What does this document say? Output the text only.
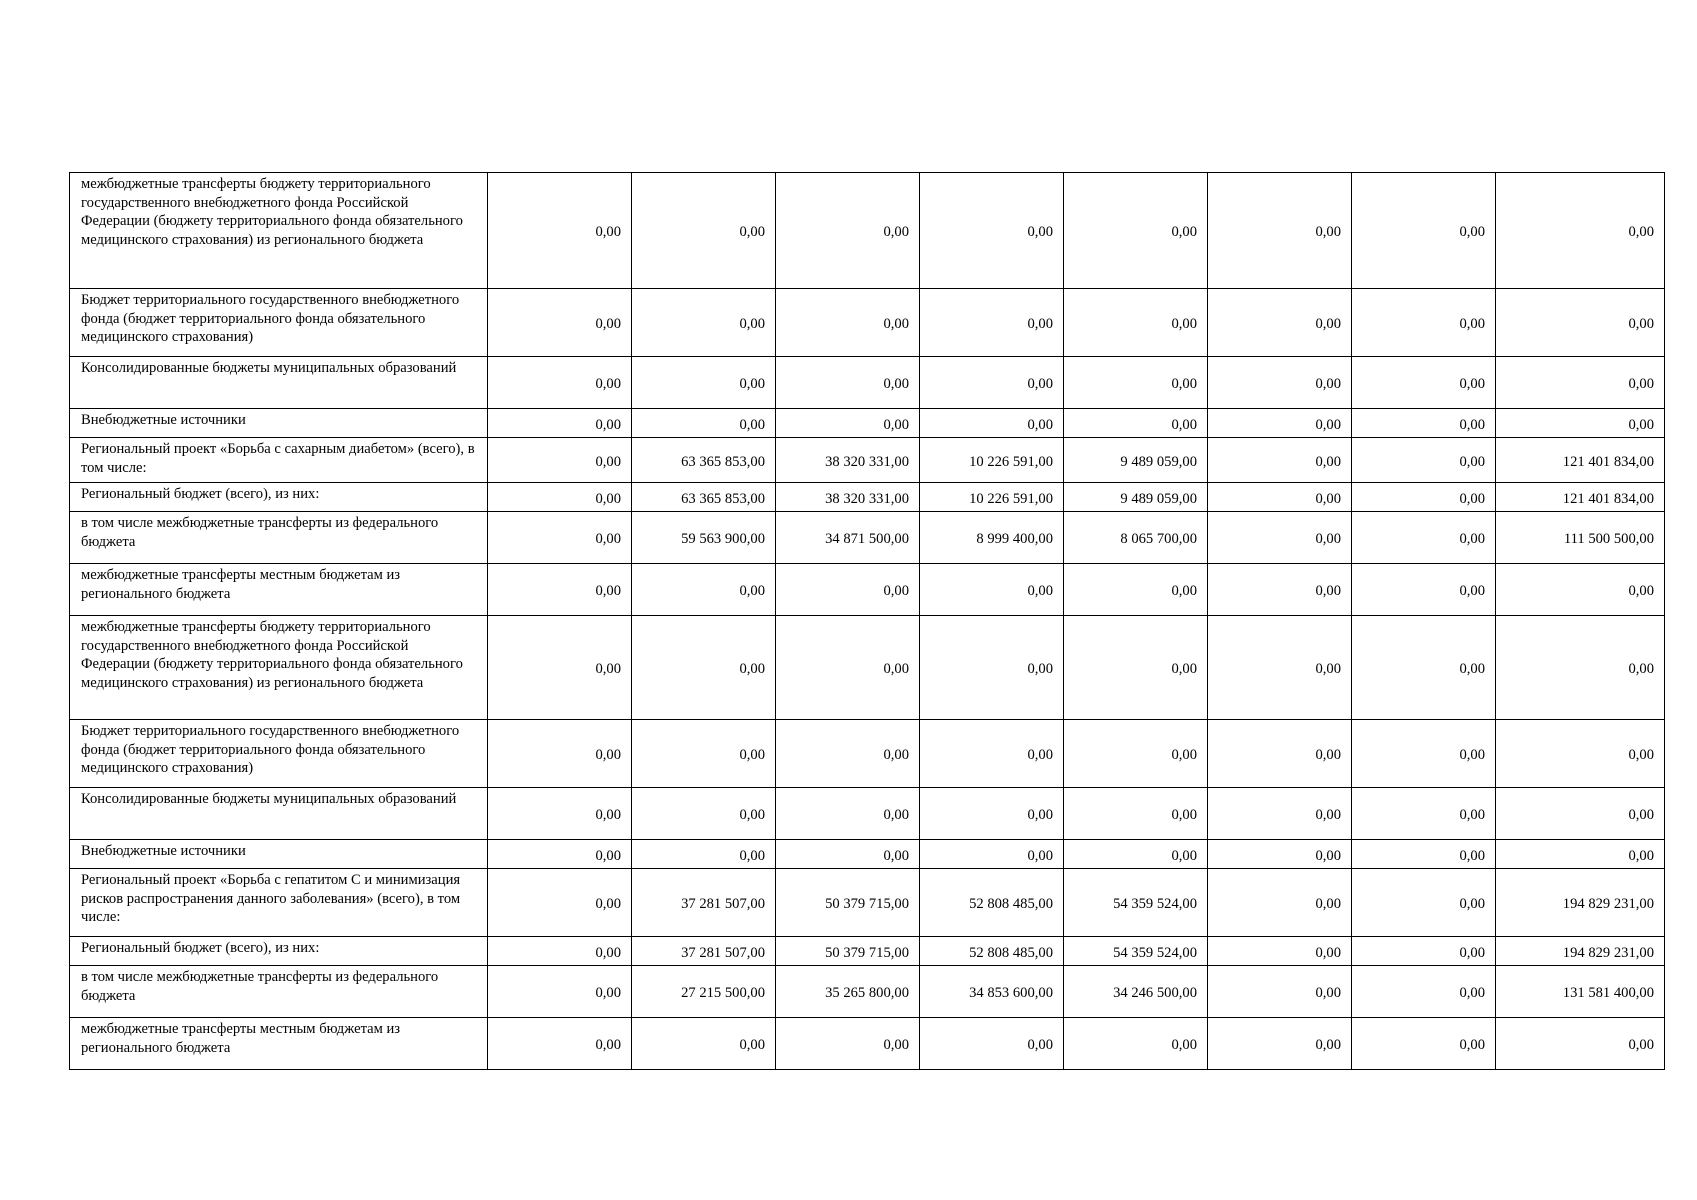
межбюджетные трансферты бюджету территориального государственного внебюджетного фонда Российской Федерации (бюджету территориального фонда обязательного медицинского страхования) из регионального бюджета	0,00	0,00	0,00	0,00	0,00	0,00	0,00	0,00
Бюджет территориального государственного внебюджетного фонда (бюджет территориального фонда обязательного медицинского страхования)	0,00	0,00	0,00	0,00	0,00	0,00	0,00	0,00
Консолидированные бюджеты муниципальных образований	0,00	0,00	0,00	0,00	0,00	0,00	0,00	0,00
Внебюджетные источники	0,00	0,00	0,00	0,00	0,00	0,00	0,00	0,00
Региональный проект «Борьба с сахарным диабетом» (всего), в том числе:	0,00	63 365 853,00	38 320 331,00	10 226 591,00	9 489 059,00	0,00	0,00	121 401 834,00
Региональный бюджет (всего), из них:	0,00	63 365 853,00	38 320 331,00	10 226 591,00	9 489 059,00	0,00	0,00	121 401 834,00
в том числе межбюджетные трансферты из федерального бюджета	0,00	59 563 900,00	34 871 500,00	8 999 400,00	8 065 700,00	0,00	0,00	111 500 500,00
межбюджетные трансферты местным бюджетам из регионального бюджета	0,00	0,00	0,00	0,00	0,00	0,00	0,00	0,00
межбюджетные трансферты бюджету территориального государственного внебюджетного фонда Российской Федерации (бюджету территориального фонда обязательного медицинского страхования) из регионального бюджета	0,00	0,00	0,00	0,00	0,00	0,00	0,00	0,00
Бюджет территориального государственного внебюджетного фонда (бюджет территориального фонда обязательного медицинского страхования)	0,00	0,00	0,00	0,00	0,00	0,00	0,00	0,00
Консолидированные бюджеты муниципальных образований	0,00	0,00	0,00	0,00	0,00	0,00	0,00	0,00
Внебюджетные источники	0,00	0,00	0,00	0,00	0,00	0,00	0,00	0,00
Региональный проект «Борьба с гепатитом С и минимизация рисков распространения данного заболевания» (всего), в том числе:	0,00	37 281 507,00	50 379 715,00	52 808 485,00	54 359 524,00	0,00	0,00	194 829 231,00
Региональный бюджет (всего), из них:	0,00	37 281 507,00	50 379 715,00	52 808 485,00	54 359 524,00	0,00	0,00	194 829 231,00
в том числе межбюджетные трансферты из федерального бюджета	0,00	27 215 500,00	35 265 800,00	34 853 600,00	34 246 500,00	0,00	0,00	131 581 400,00
межбюджетные трансферты местным бюджетам из регионального бюджета	0,00	0,00	0,00	0,00	0,00	0,00	0,00	0,00
